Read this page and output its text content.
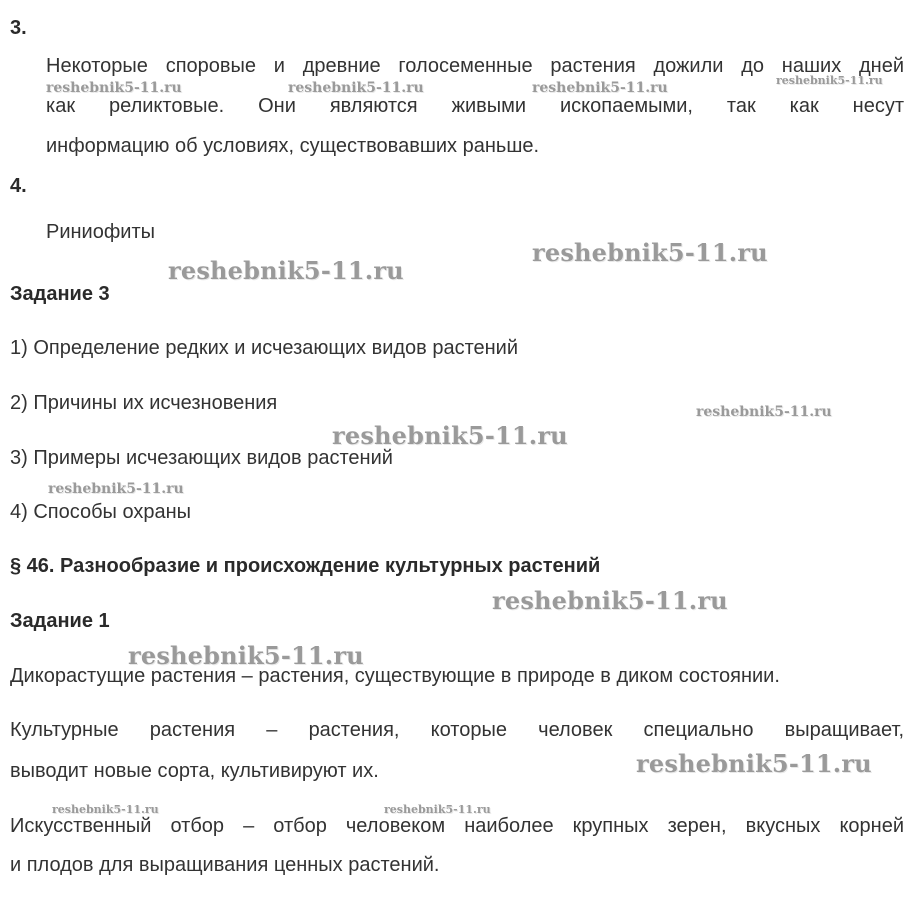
3.
Некоторые споровые и древние голосеменные растения дожили до наших дней
как реликтовые. Они являются живыми ископаемыми, так как несут
информацию об условиях, существовавших раньше.
4.
Риниофиты
Задание 3
1) Определение редких и исчезающих видов растений
2) Причины их исчезновения
3) Примеры исчезающих видов растений
4) Способы охраны
§ 46. Разнообразие и происхождение культурных растений
Задание 1
Дикорастущие растения – растения, существующие в природе в диком состоянии.
Культурные растения – растения, которые человек специально выращивает,
выводит новые сорта, культивируют их.
Искусственный отбор – отбор человеком наиболее крупных зерен, вкусных корней
и плодов для выращивания ценных растений.
reshebnik5-11.ru	reshebnik5-11.ru	reshebnik5-11.ru	reshebnik5-11.ru
reshebnik5-11.ru
reshebnik5-11.ru
reshebnik5-11.ru
reshebnik5-11.ru
reshebnik5-11.ru
reshebnik5-11.ru
reshebnik5-11.ru
reshebnik5-11.ru
reshebnik5-11.ru	reshebnik5-11.ru
